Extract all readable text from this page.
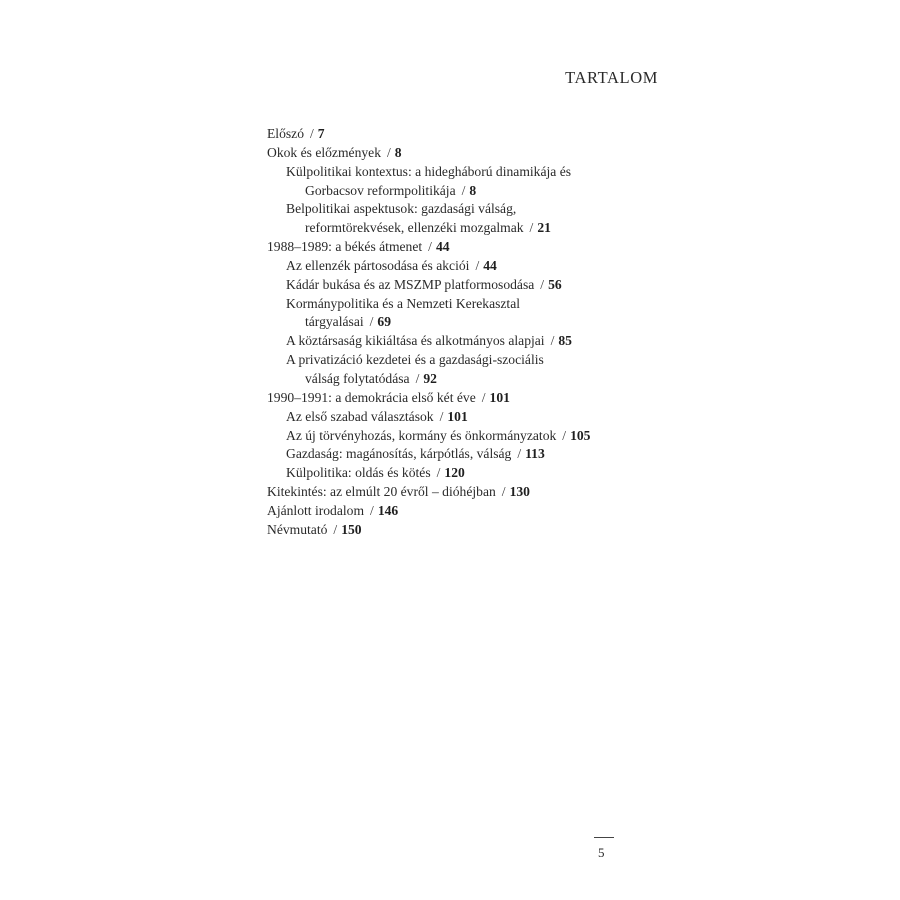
TARTALOM
Előszó / 7
Okok és előzmények / 8
Külpolitikai kontextus: a hidegháború dinamikája és
Gorbacsov reformpolitikája / 8
Belpolitikai aspektusok: gazdasági válság,
reformtörekvések, ellenzéki mozgalmak / 21
1988–1989: a békés átmenet / 44
Az ellenzék pártosodása és akciói / 44
Kádár bukása és az MSZMP platformosodása / 56
Kormánypolitika és a Nemzeti Kerekasztal
tárgyalásai / 69
A köztársaság kikiáltása és alkotmányos alapjai / 85
A privatizáció kezdetei és a gazdasági-szociális
válság folytatódása / 92
1990–1991: a demokrácia első két éve / 101
Az első szabad választások / 101
Az új törvényhozás, kormány és önkormányzatok / 105
Gazdaság: magánosítás, kárpótlás, válság / 113
Külpolitika: oldás és kötés / 120
Kitekintés: az elmúlt 20 évről – dióhéjban / 130
Ajánlott irodalom / 146
Névmutató / 150
5
